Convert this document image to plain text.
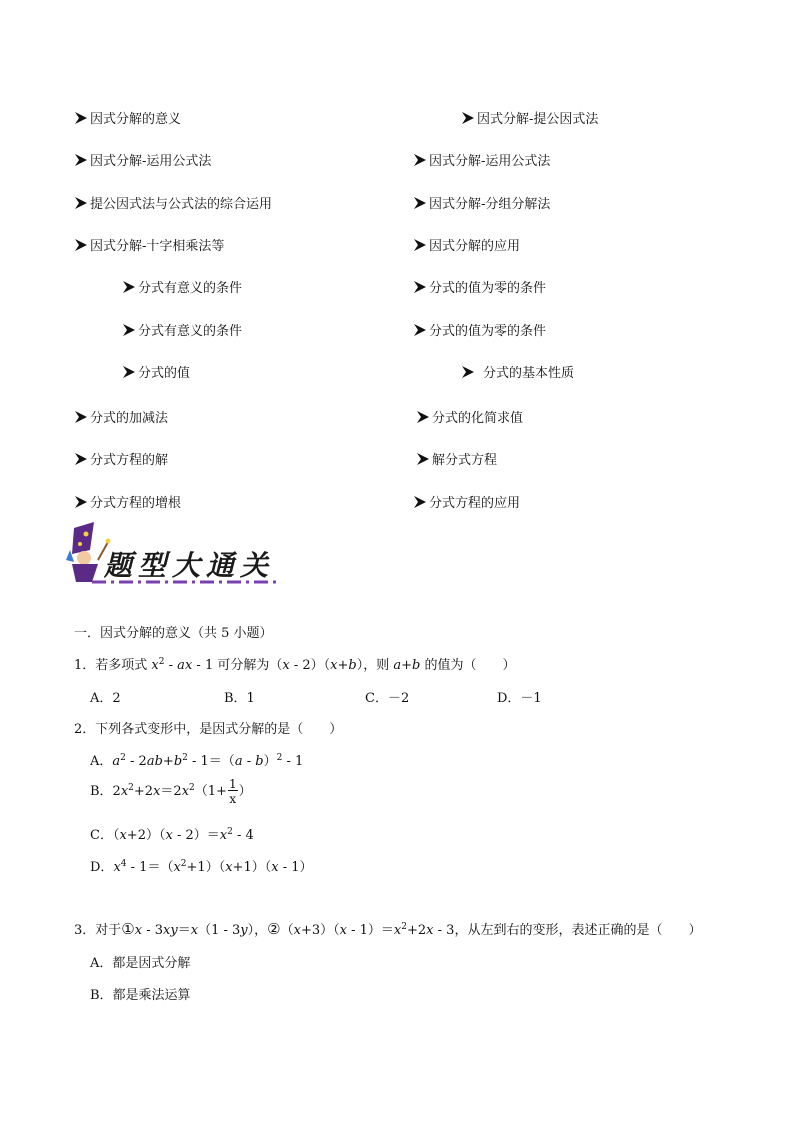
因式分解的意义	因式分解-提公因式法
因式分解-运用公式法	因式分解-运用公式法
提公因式法与公式法的综合运用	因式分解-分组分解法
因式分解-十字相乘法等	因式分解的应用
分式有意义的条件	分式的值为零的条件
分式有意义的条件	分式的值为零的条件
分式的值	分式的基本性质
分式的加减法	分式的化简求值
分式方程的解	解分式方程
分式方程的增根	分式方程的应用
题型大通关
一．因式分解的意义（共 5 小题）
1．若多项式 $x^2$ - ax - 1 可分解为（x - 2）（x+b），则 a+b 的值为（　　）
A．2	B．1	C．－2	D．－1
2．下列各式变形中，是因式分解的是（　　）
A．$a^2 - 2ab+b^2 - 1=(a - b)^2 - 1$
B．$2x^2+2x=2x^2(1+ \frac{1}{x}$ ）
C．$(x+2)(x - 2)=x^2 - 4$
D．$x^4 - 1=(x^2+1)(x+1)(x - 1)$
3．对于①x - 3xy＝x（1 - 3y），②（x+3）（x - $1)=x^2+2x - 3$，从左到右的变形，表述正确的是（　　）
A．都是因式分解
B．都是乘法运算
